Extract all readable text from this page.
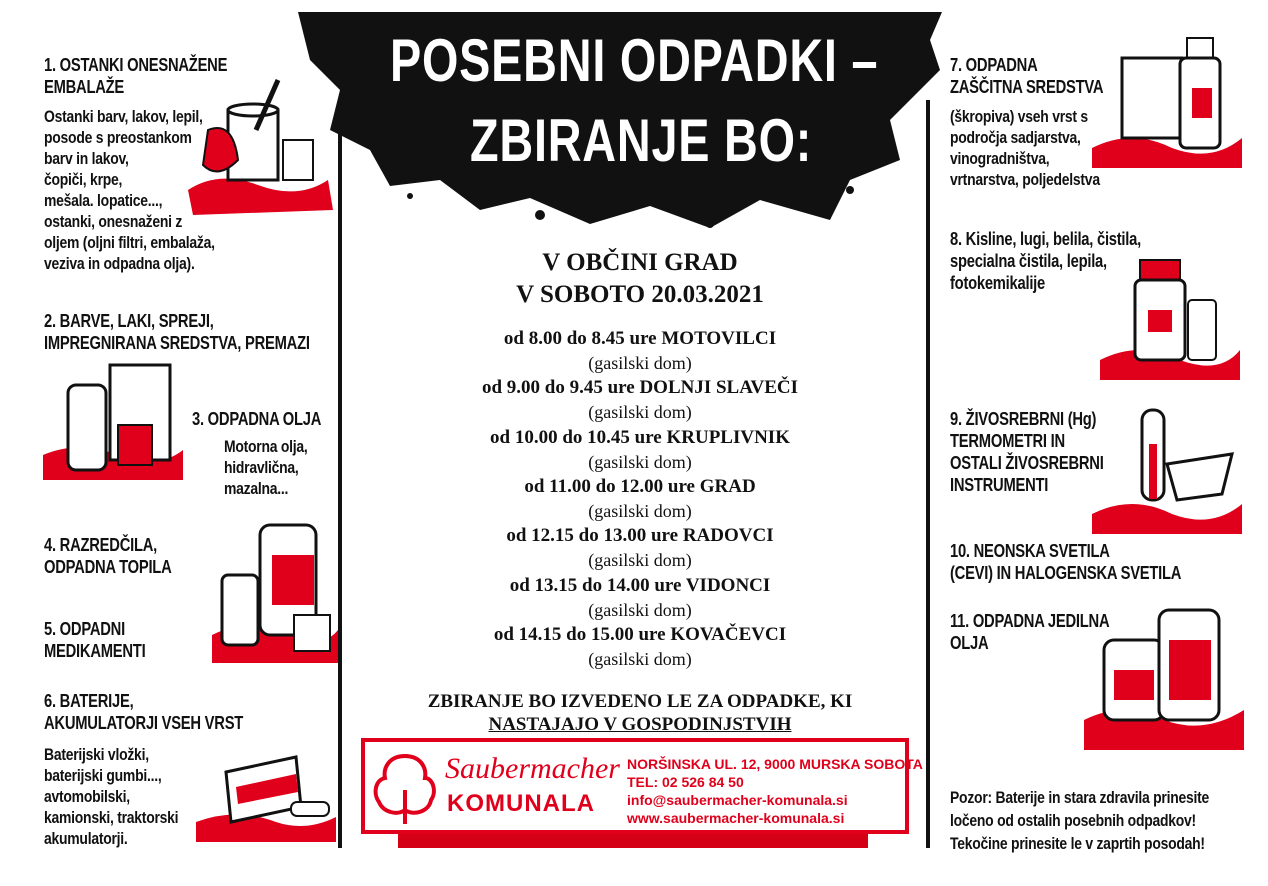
POSEBNI ODPADKI –
ZBIRANJE BO:
1. OSTANKI ONESNAŽENE
EMBALAŽE
Ostanki barv, lakov, lepil,
posode s preostankom
barv in lakov,
čopiči, krpe,
mešala. lopatice...,
ostanki, onesnaženi z
oljem (oljni filtri, embalaža,
veziva in odpadna olja).
2. BARVE, LAKI, SPREJI,
IMPREGNIRANA SREDSTVA, PREMAZI
3. ODPADNA OLJA
Motorna olja,
hidravlična,
mazalna...
4. RAZREDČILA,
ODPADNA TOPILA
5. ODPADNI
MEDIKAMENTI
6. BATERIJE,
AKUMULATORJI VSEH VRST
Baterijski vložki,
baterijski gumbi...,
avtomobilski,
kamionski, traktorski
akumulatorji.
V OBČINI GRAD
V SOBOTO 20.03.2021
od 8.00 do 8.45 ure MOTOVILCI
(gasilski dom)
od 9.00 do 9.45 ure DOLNJI SLAVEČI
(gasilski dom)
od 10.00 do 10.45 ure KRUPLIVNIK
(gasilski dom)
od 11.00 do 12.00 ure GRAD
(gasilski dom)
od 12.15 do 13.00 ure RADOVCI
(gasilski dom)
od 13.15 do 14.00 ure VIDONCI
(gasilski dom)
od 14.15 do 15.00 ure KOVAČEVCI
(gasilski dom)
ZBIRANJE BO IZVEDENO LE ZA ODPADKE, KI
NASTAJAJO V GOSPODINJSTVIH
Saubermacher
KOMUNALA
NORŠINSKA UL. 12, 9000 MURSKA SOBOTA
TEL: 02 526 84 50
info@saubermacher-komunala.si
www.saubermacher-komunala.si
7. ODPADNA
ZAŠČITNA SREDSTVA
(škropiva) vseh vrst s
področja sadjarstva,
vinogradništva,
vrtnarstva, poljedelstva
8. Kisline, lugi, belila, čistila,
specialna čistila, lepila,
fotokemikalije
9. ŽIVOSREBRNI (Hg)
TERMOMETRI IN
OSTALI ŽIVOSREBRNI
INSTRUMENTI
10. NEONSKA SVETILA
(CEVI) IN HALOGENSKA SVETILA
11. ODPADNA JEDILNA
OLJA
Pozor: Baterije in stara zdravila prinesite
ločeno od ostalih posebnih odpadkov!
Tekočine prinesite le v zaprtih posodah!
